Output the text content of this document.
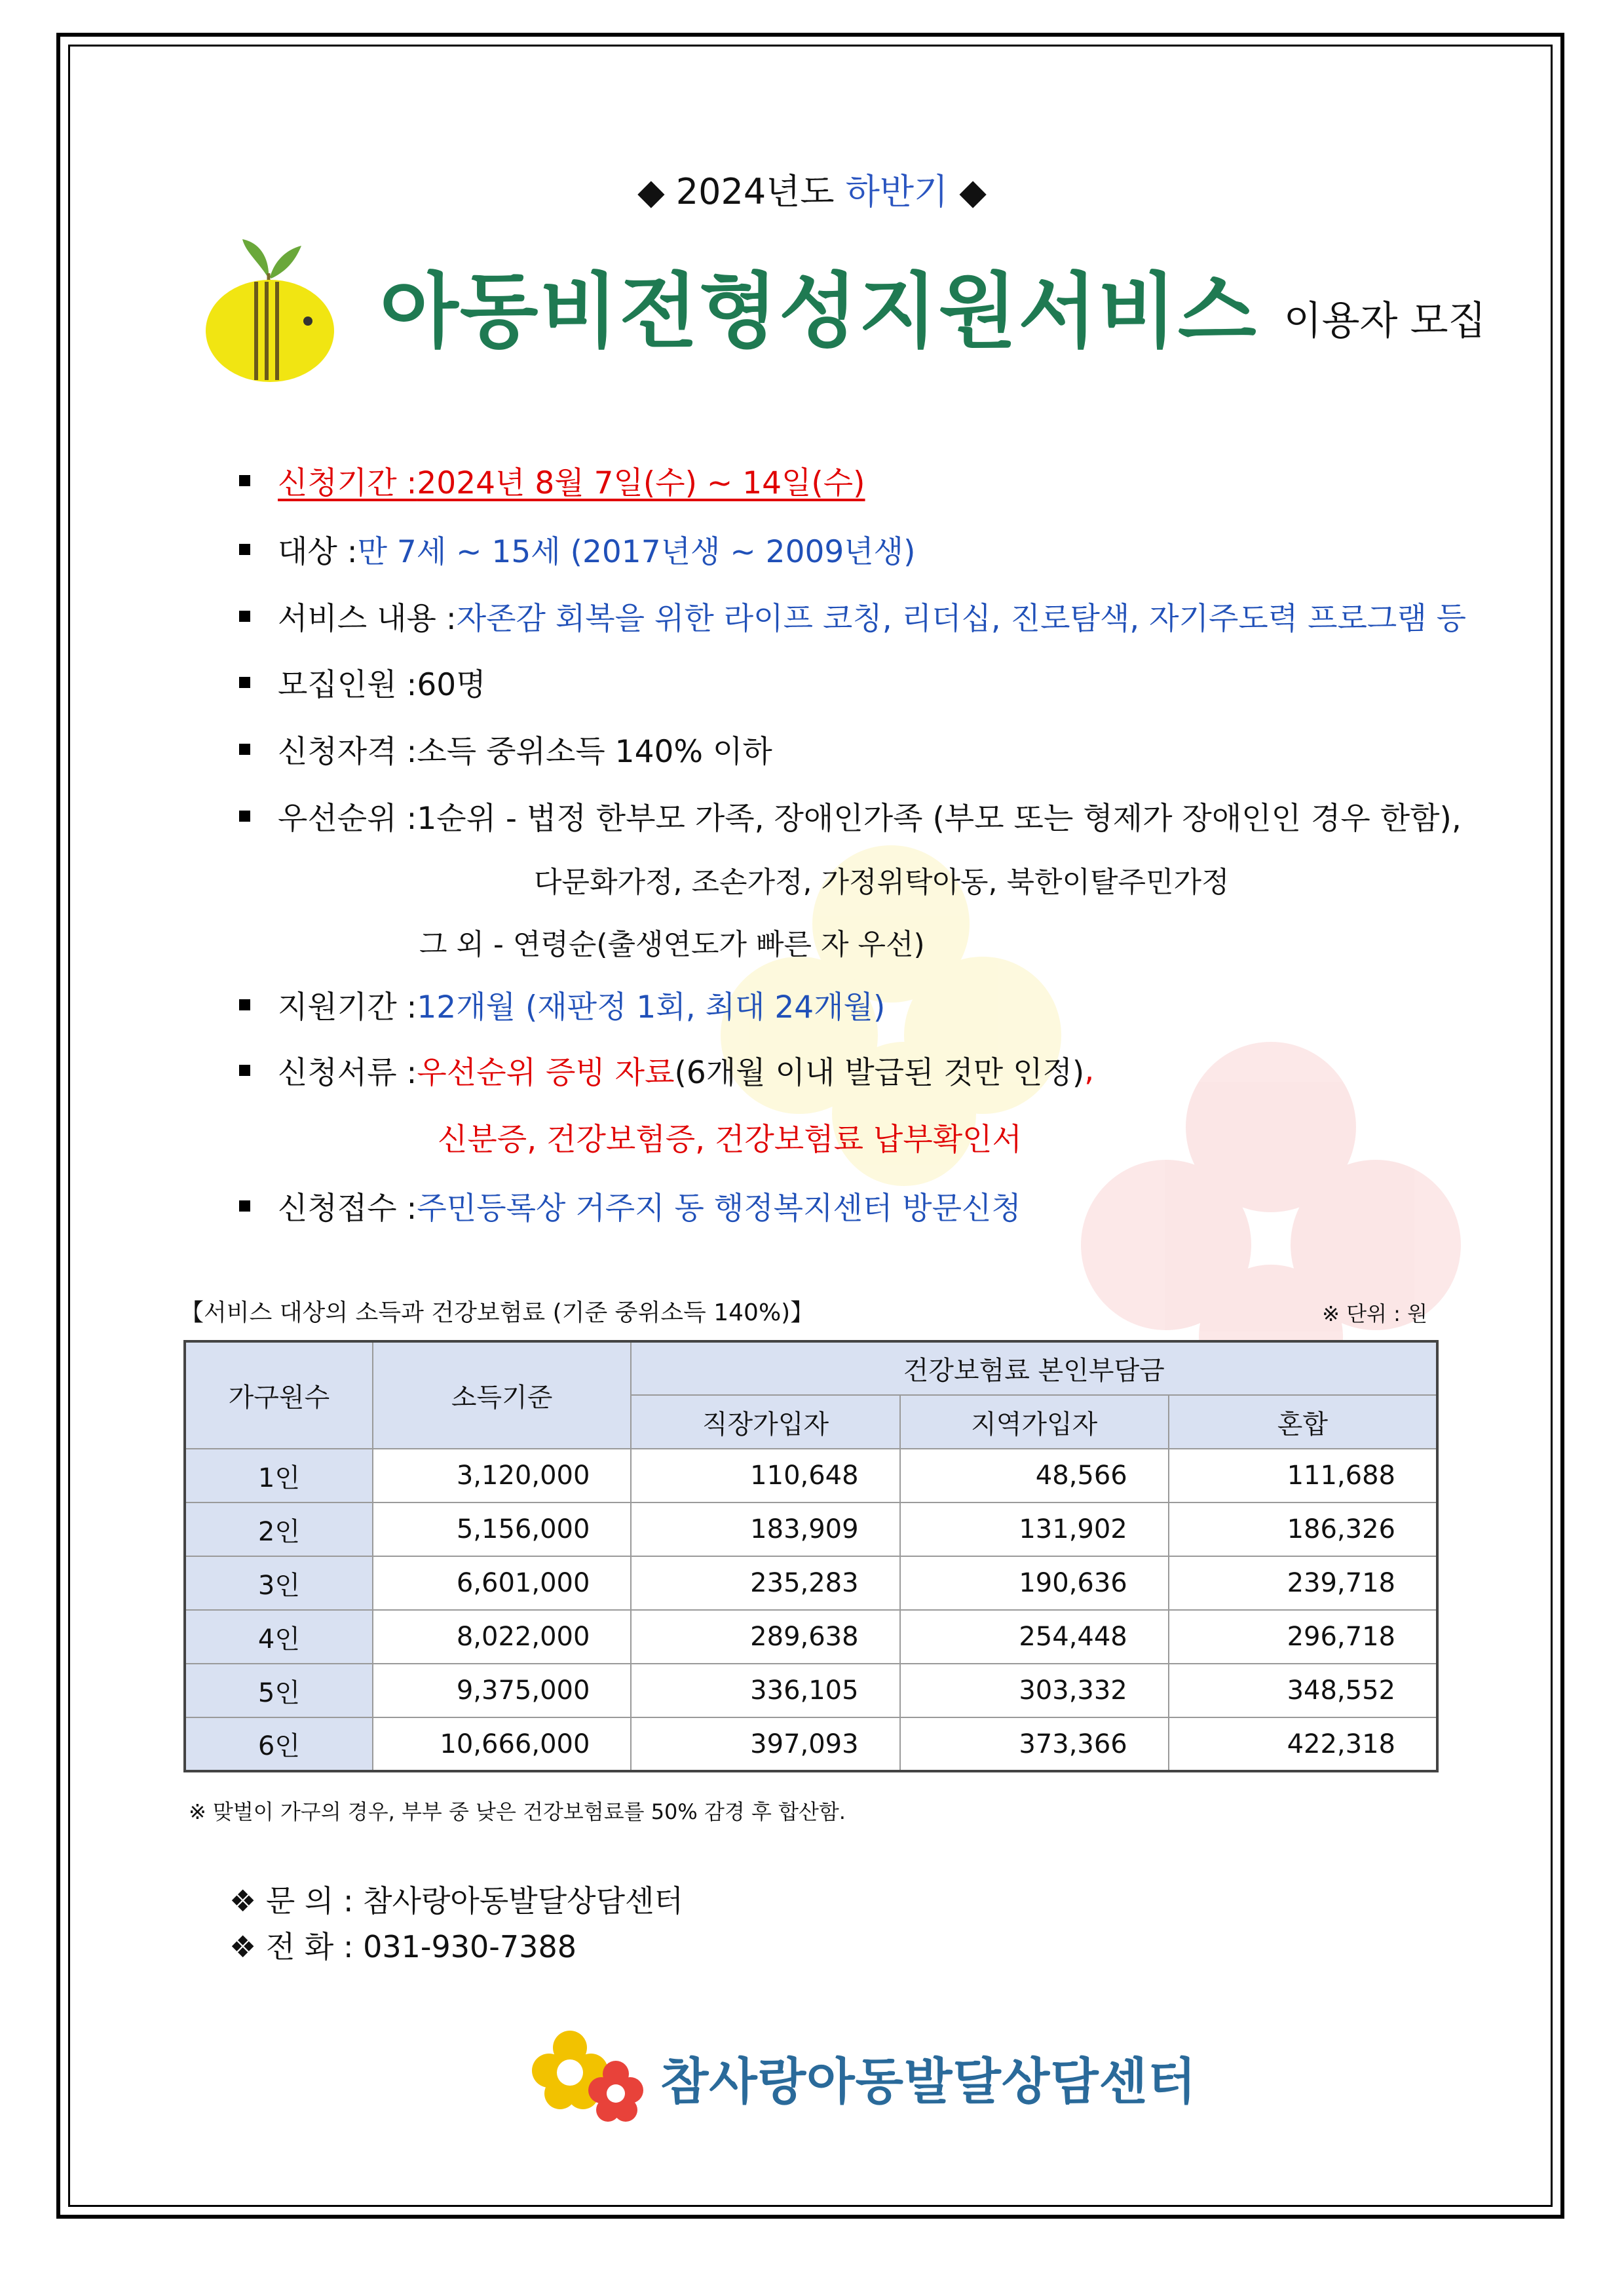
◆ 2024년도 하반기 ◆
아동비전형성지원서비스 이용자 모집
신청기간 : 2024년 8월 7일(수) ~ 14일(수)
대상 : 만 7세 ~ 15세 (2017년생 ~ 2009년생)
서비스 내용 : 자존감 회복을 위한 라이프 코칭, 리더십, 진로탐색, 자기주도력 프로그램 등
모집인원 : 60명
신청자격 : 소득 중위소득 140% 이하
우선순위 : 1순위 - 법정 한부모 가족, 장애인가족 (부모 또는 형제가 장애인인 경우 한함),
다문화가정, 조손가정, 가정위탁아동, 북한이탈주민가정
그 외 - 연령순(출생연도가 빠른 자 우선)
지원기간 : 12개월 (재판정 1회, 최대 24개월)
신청서류 : 우선순위 증빙 자료 (6개월 이내 발급된 것만 인정) ,
신분증, 건강보험증, 건강보험료 납부확인서
신청접수 : 주민등록상 거주지 동 행정복지센터 방문신청
【서비스 대상의 소득과 건강보험료 (기준 중위소득 140%)】	※ 단위 : 원
가구원수	소득기준	건강보험료 본인부담금		
		직장가입자	지역가입자	혼합
1인	3,120,000	110,648	48,566	111,688
2인	5,156,000	183,909	131,902	186,326
3인	6,601,000	235,283	190,636	239,718
4인	8,022,000	289,638	254,448	296,718
5인	9,375,000	336,105	303,332	348,552
6인	10,666,000	397,093	373,366	422,318
※ 맞벌이 가구의 경우, 부부 중 낮은 건강보험료를 50% 감경 후 합산함.
❖ 문 의 : 참사랑아동발달상담센터
❖ 전 화 : 031-930-7388
참사랑아동발달상담센터
